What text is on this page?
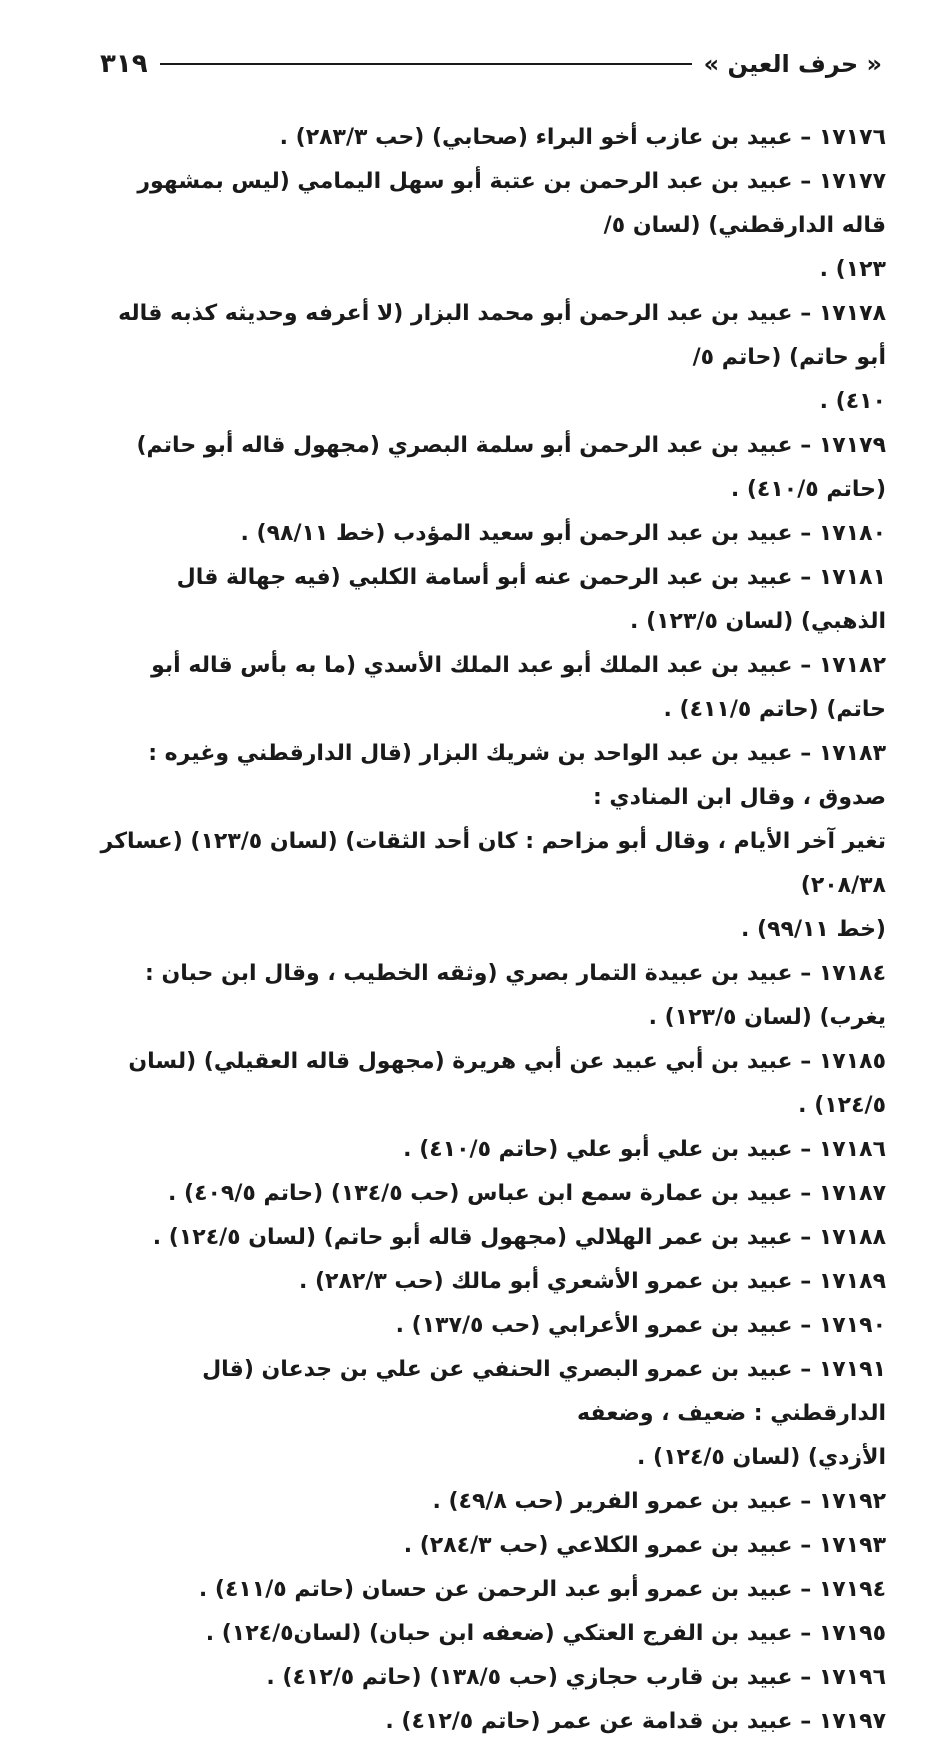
« حرف العين »
٣١٩
١٧١٧٦ – عبيد بن عازب أخو البراء (صحابي) (حب ٢٨٣/٣) .
١٧١٧٧ – عبيد بن عبد الرحمن بن عتبة أبو سهل اليمامي (ليس بمشهور قاله الدارقطني) (لسان ٥/
١٢٣) .
١٧١٧٨ – عبيد بن عبد الرحمن أبو محمد البزار (لا أعرفه وحديثه كذبه قاله أبو حاتم) (حاتم ٥/
٤١٠) .
١٧١٧٩ – عبيد بن عبد الرحمن أبو سلمة البصري (مجهول قاله أبو حاتم) (حاتم ٤١٠/٥) .
١٧١٨٠ – عبيد بن عبد الرحمن أبو سعيد المؤدب (خط ٩٨/١١) .
١٧١٨١ – عبيد بن عبد الرحمن عنه أبو أسامة الكلبي (فيه جهالة قال الذهبي) (لسان ١٢٣/٥) .
١٧١٨٢ – عبيد بن عبد الملك أبو عبد الملك الأسدي (ما به بأس قاله أبو حاتم) (حاتم ٤١١/٥) .
١٧١٨٣ – عبيد بن عبد الواحد بن شريك البزار (قال الدارقطني وغيره : صدوق ، وقال ابن المنادي :
تغير آخر الأيام ، وقال أبو مزاحم : كان أحد الثقات) (لسان ١٢٣/٥) (عساكر ٢٠٨/٣٨)
(خط ٩٩/١١) .
١٧١٨٤ – عبيد بن عبيدة التمار بصري (وثقه الخطيب ، وقال ابن حبان : يغرب) (لسان ١٢٣/٥) .
١٧١٨٥ – عبيد بن أبي عبيد عن أبي هريرة (مجهول قاله العقيلي) (لسان ١٢٤/٥) .
١٧١٨٦ – عبيد بن علي أبو علي (حاتم ٤١٠/٥) .
١٧١٨٧ – عبيد بن عمارة سمع ابن عباس (حب ١٣٤/٥) (حاتم ٤٠٩/٥) .
١٧١٨٨ – عبيد بن عمر الهلالي (مجهول قاله أبو حاتم) (لسان ١٢٤/٥) .
١٧١٨٩ – عبيد بن عمرو الأشعري أبو مالك (حب ٢٨٢/٣) .
١٧١٩٠ – عبيد بن عمرو الأعرابي (حب ١٣٧/٥) .
١٧١٩١ – عبيد بن عمرو البصري الحنفي عن علي بن جدعان (قال الدارقطني : ضعيف ، وضعفه
الأزدي) (لسان ١٢٤/٥) .
١٧١٩٢ – عبيد بن عمرو الفرير (حب ٤٩/٨) .
١٧١٩٣ – عبيد بن عمرو الكلاعي (حب ٢٨٤/٣) .
١٧١٩٤ – عبيد بن عمرو أبو عبد الرحمن عن حسان (حاتم ٤١١/٥) .
١٧١٩٥ – عبيد بن الفرج العتكي (ضعفه ابن حبان) (لسان١٢٤/٥) .
١٧١٩٦ – عبيد بن قارب حجازي (حب ١٣٨/٥) (حاتم ٤١٢/٥) .
١٧١٩٧ – عبيد بن قدامة عن عمر (حاتم ٤١٢/٥) .
